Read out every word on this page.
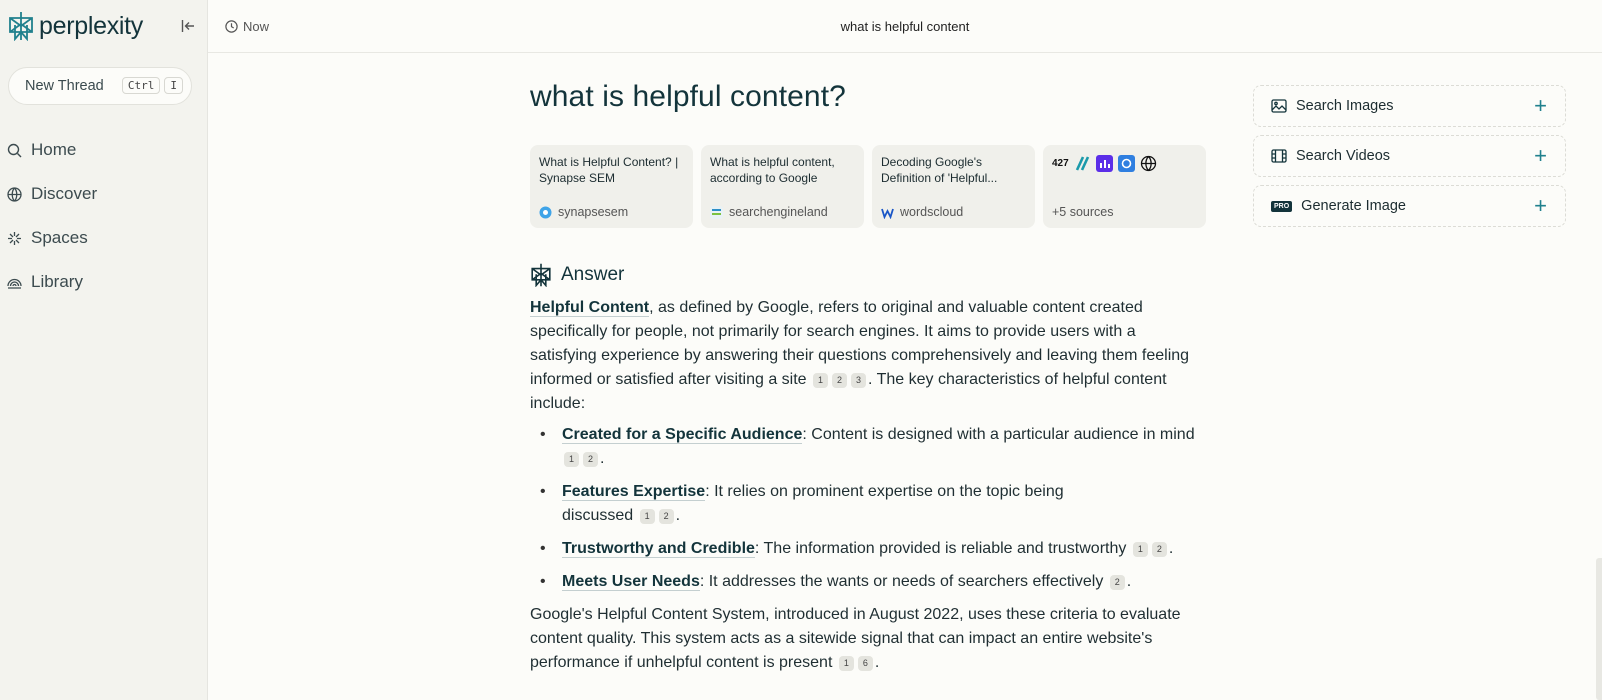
perplexity
New Thread	Ctrl	I
Home
Discover
Spaces
Library
Now	what is helpful content
what is helpful content?
What is Helpful Content? | Synapse SEM
synapsesem
What is helpful content, according to Google
searchengineland
Decoding Google's Definition of 'Helpful...
wordscloud
427
+5 sources
Answer

Helpful Content, as defined by Google, refers to original and valuable content created specifically for people, not primarily for search engines. It aims to provide users with a satisfying experience by answering their questions comprehensively and leaving them feeling informed or satisfied after visiting a site 1 2 3 . The key characteristics of helpful content include:

• Created for a Specific Audience: Content is designed with a particular audience in mind 1 2 .
• Features Expertise: It relies on prominent expertise on the topic being discussed 1 2 .
• Trustworthy and Credible: The information provided is reliable and trustworthy 1 2 .
• Meets User Needs: It addresses the wants or needs of searchers effectively 2 .

Google's Helpful Content System, introduced in August 2022, uses these criteria to evaluate content quality. This system acts as a sitewide signal that can impact an entire website's performance if unhelpful content is present 1 6 .

Search Images	+
Search Videos	+
PRO Generate Image	+
